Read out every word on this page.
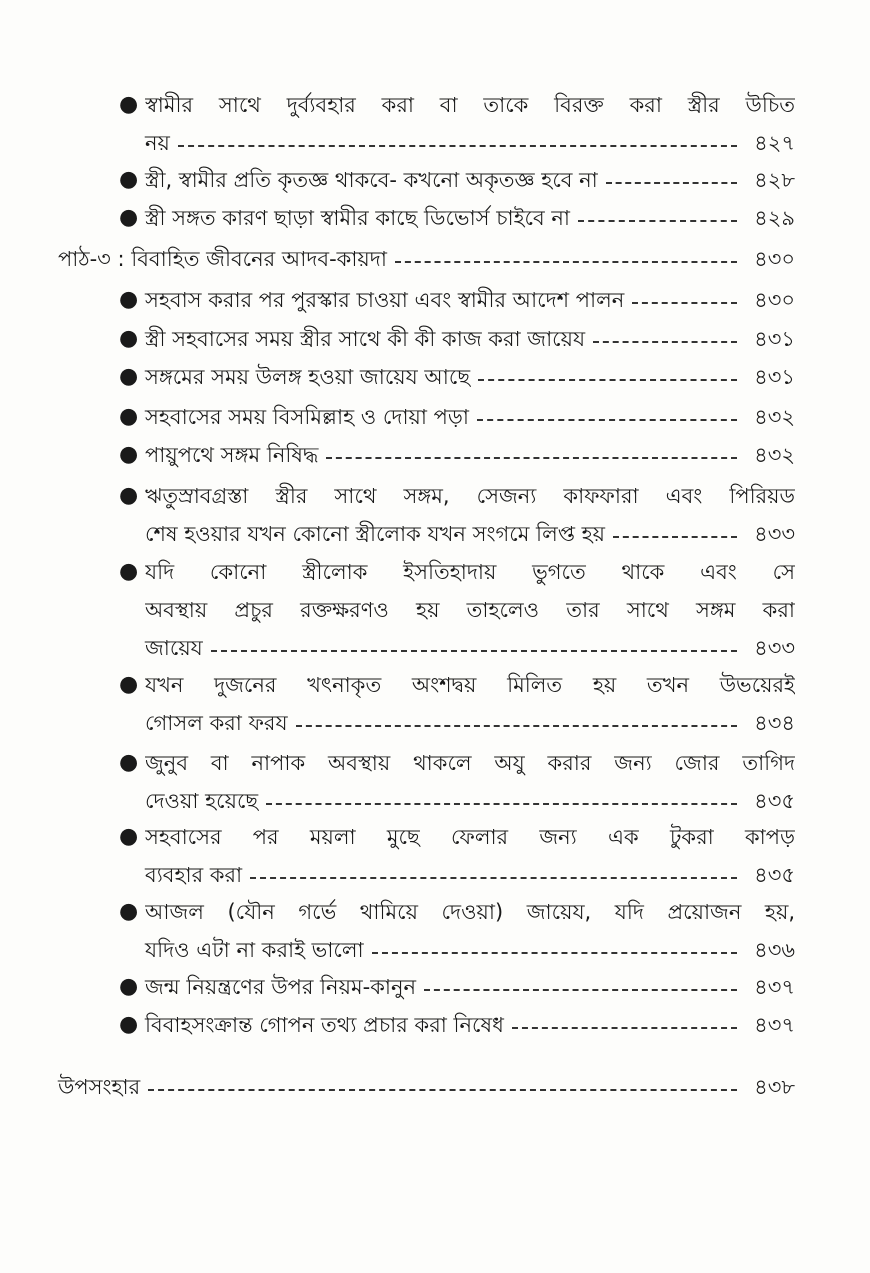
● স্বামীর সাথে দুর্ব্যবহার করা বা তাকে বিরক্ত করা স্ত্রীর উচিত
নয়	৪২৭
● স্ত্রী, স্বামীর প্রতি কৃতজ্ঞ থাকবে- কখনো অকৃতজ্ঞ হবে না	৪২৮
● স্ত্রী সঙ্গত কারণ ছাড়া স্বামীর কাছে ডিভোর্স চাইবে না	৪২৯
পাঠ-৩ : বিবাহিত জীবনের আদব-কায়দা	৪৩০
● সহবাস করার পর পুরস্কার চাওয়া এবং স্বামীর আদেশ পালন	৪৩০
● স্ত্রী সহবাসের সময় স্ত্রীর সাথে কী কী কাজ করা জায়েয	৪৩১
● সঙ্গমের সময় উলঙ্গ হওয়া জায়েয আছে	৪৩১
● সহবাসের সময় বিসমিল্লাহ ও দোয়া পড়া	৪৩২
● পায়ুপথে সঙ্গম নিষিদ্ধ	৪৩২
● ঋতুস্রাবগ্রস্তা স্ত্রীর সাথে সঙ্গম, সেজন্য কাফফারা এবং পিরিয়ড
শেষ হওয়ার যখন কোনো স্ত্রীলোক যখন সংগমে লিপ্ত হয়	৪৩৩
● যদি কোনো স্ত্রীলোক ইসতিহাদায় ভুগতে থাকে এবং সে
অবস্থায় প্রচুর রক্তক্ষরণও হয় তাহলেও তার সাথে সঙ্গম করা
জায়েয	৪৩৩
● যখন দুজনের খৎনাকৃত অংশদ্বয় মিলিত হয় তখন উভয়েরই
গোসল করা ফরয	৪৩৪
● জুনুব বা নাপাক অবস্থায় থাকলে অযু করার জন্য জোর তাগিদ
দেওয়া হয়েছে	৪৩৫
● সহবাসের পর ময়লা মুছে ফেলার জন্য এক টুকরা কাপড়
ব্যবহার করা	৪৩৫
● আজল (যৌন গর্ভে থামিয়ে দেওয়া) জায়েয, যদি প্রয়োজন হয়,
যদিও এটা না করাই ভালো	৪৩৬
● জন্ম নিয়ন্ত্রণের উপর নিয়ম-কানুন	৪৩৭
● বিবাহসংক্রান্ত গোপন তথ্য প্রচার করা নিষেধ	৪৩৭
উপসংহার	৪৩৮
